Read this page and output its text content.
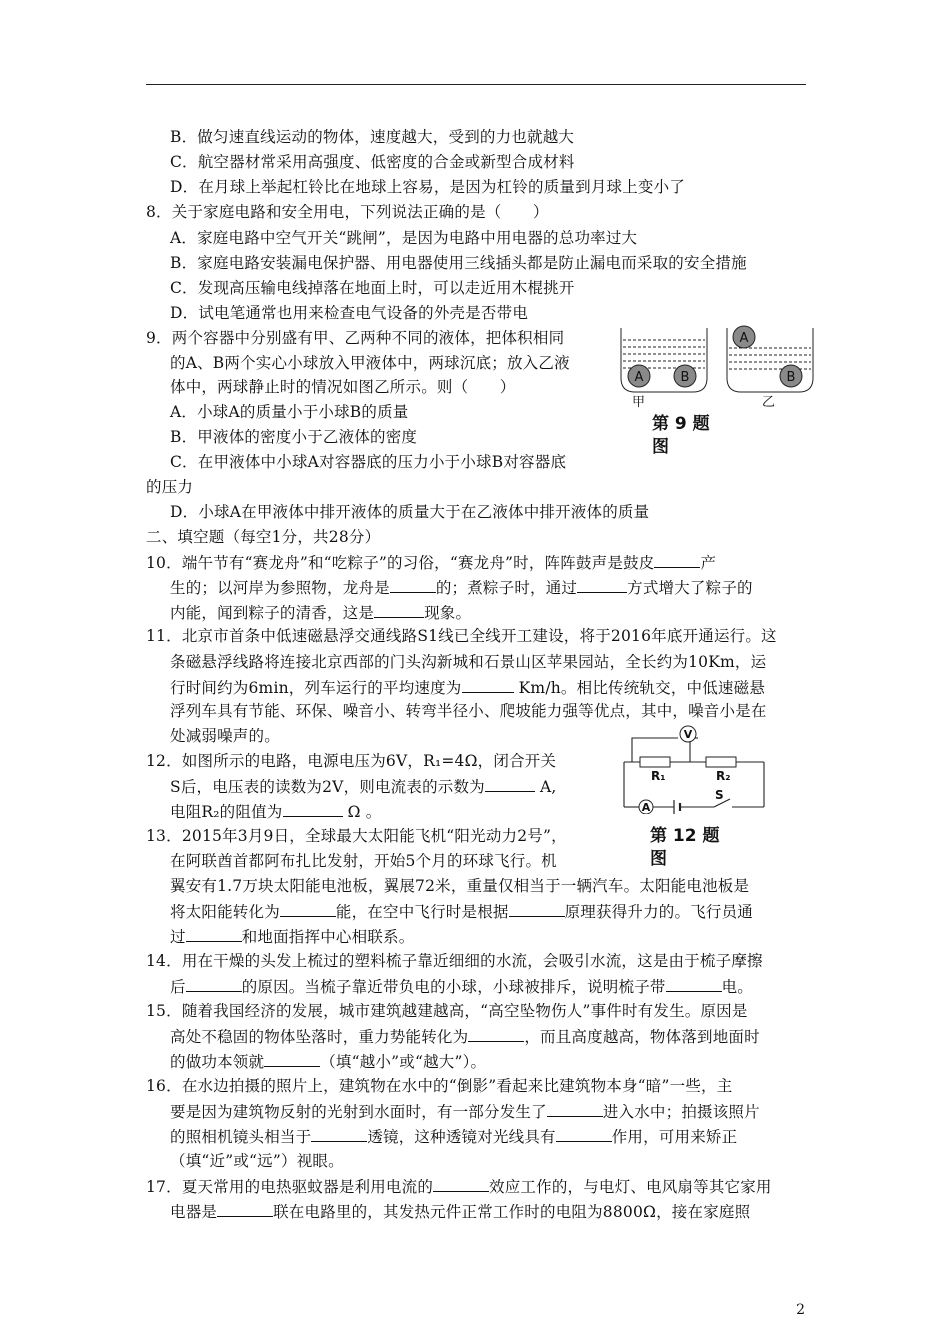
B．做匀速直线运动的物体，速度越大，受到的力也就越大
C．航空器材常采用高强度、低密度的合金或新型合成材料
D．在月球上举起杠铃比在地球上容易，是因为杠铃的质量到月球上变小了
8．关于家庭电路和安全用电，下列说法正确的是（　　）
A．家庭电路中空气开关“跳闸”，是因为电路中用电器的总功率过大
B．家庭电路安装漏电保护器、用电器使用三线插头都是防止漏电而采取的安全措施
C．发现高压输电线掉落在地面上时，可以走近用木棍挑开
D．试电笔通常也用来检查电气设备的外壳是否带电
9．两个容器中分别盛有甲、乙两种不同的液体，把体积相同
的A、B两个实心小球放入甲液体中，两球沉底；放入乙液
体中，两球静止时的情况如图乙所示。则（　　）
A．小球A的质量小于小球B的质量
B．甲液体的密度小于乙液体的密度
C．在甲液体中小球A对容器底的压力小于小球B对容器底
的压力
D．小球A在甲液体中排开液体的质量大于在乙液体中排开液体的质量
A	B
A
B
甲	乙
第 9 题
图
二、填空题（每空1分，共28分）
10．端午节有“赛龙舟”和“吃粽子”的习俗，“赛龙舟”时，阵阵鼓声是鼓皮	产
生的；以河岸为参照物，龙舟是	的；煮粽子时，通过	方式增大了粽子的
内能，闻到粽子的清香，这是	现象。
11．北京市首条中低速磁悬浮交通线路S1线已全线开工建设，将于2016年底开通运行。这
条磁悬浮线路将连接北京西部的门头沟新城和石景山区苹果园站，全长约为10Km，运
行时间约为6min，列车运行的平均速度为	Km/h。相比传统轨交，中低速磁悬
浮列车具有节能、环保、噪音小、转弯半径小、爬坡能力强等优点，其中，噪音小是在
处减弱噪声的。
12．如图所示的电路，电源电压为6V，R₁=4Ω，闭合开关
S后，电压表的读数为2V，则电流表的示数为	A,
电阻R₂的阻值为	Ω 。
V
A
R₁	R₂
S
第 12 题
图
13．2015年3月9日，全球最大太阳能飞机“阳光动力2号”，
在阿联酋首都阿布扎比发射，开始5个月的环球飞行。机
翼安有1.7万块太阳能电池板，翼展72米，重量仅相当于一辆汽车。太阳能电池板是
将太阳能转化为	能，在空中飞行时是根据	原理获得升力的。飞行员通
过	和地面指挥中心相联系。
14．用在干燥的头发上梳过的塑料梳子靠近细细的水流，会吸引水流，这是由于梳子摩擦
后	的原因。当梳子靠近带负电的小球，小球被排斥，说明梳子带	电。
15．随着我国经济的发展，城市建筑越建越高，“高空坠物伤人”事件时有发生。原因是
高处不稳固的物体坠落时，重力势能转化为	，而且高度越高，物体落到地面时
的做功本领就	（填“越小”或“越大”）。
16．在水边拍摄的照片上，建筑物在水中的“倒影”看起来比建筑物本身“暗”一些，主
要是因为建筑物反射的光射到水面时，有一部分发生了	进入水中；拍摄该照片
的照相机镜头相当于	透镜，这种透镜对光线具有	作用，可用来矫正
（填“近”或“远”）视眼。
17．夏天常用的电热驱蚊器是利用电流的	效应工作的，与电灯、电风扇等其它家用
电器是	联在电路里的，其发热元件正常工作时的电阻为8800Ω，接在家庭照
2
